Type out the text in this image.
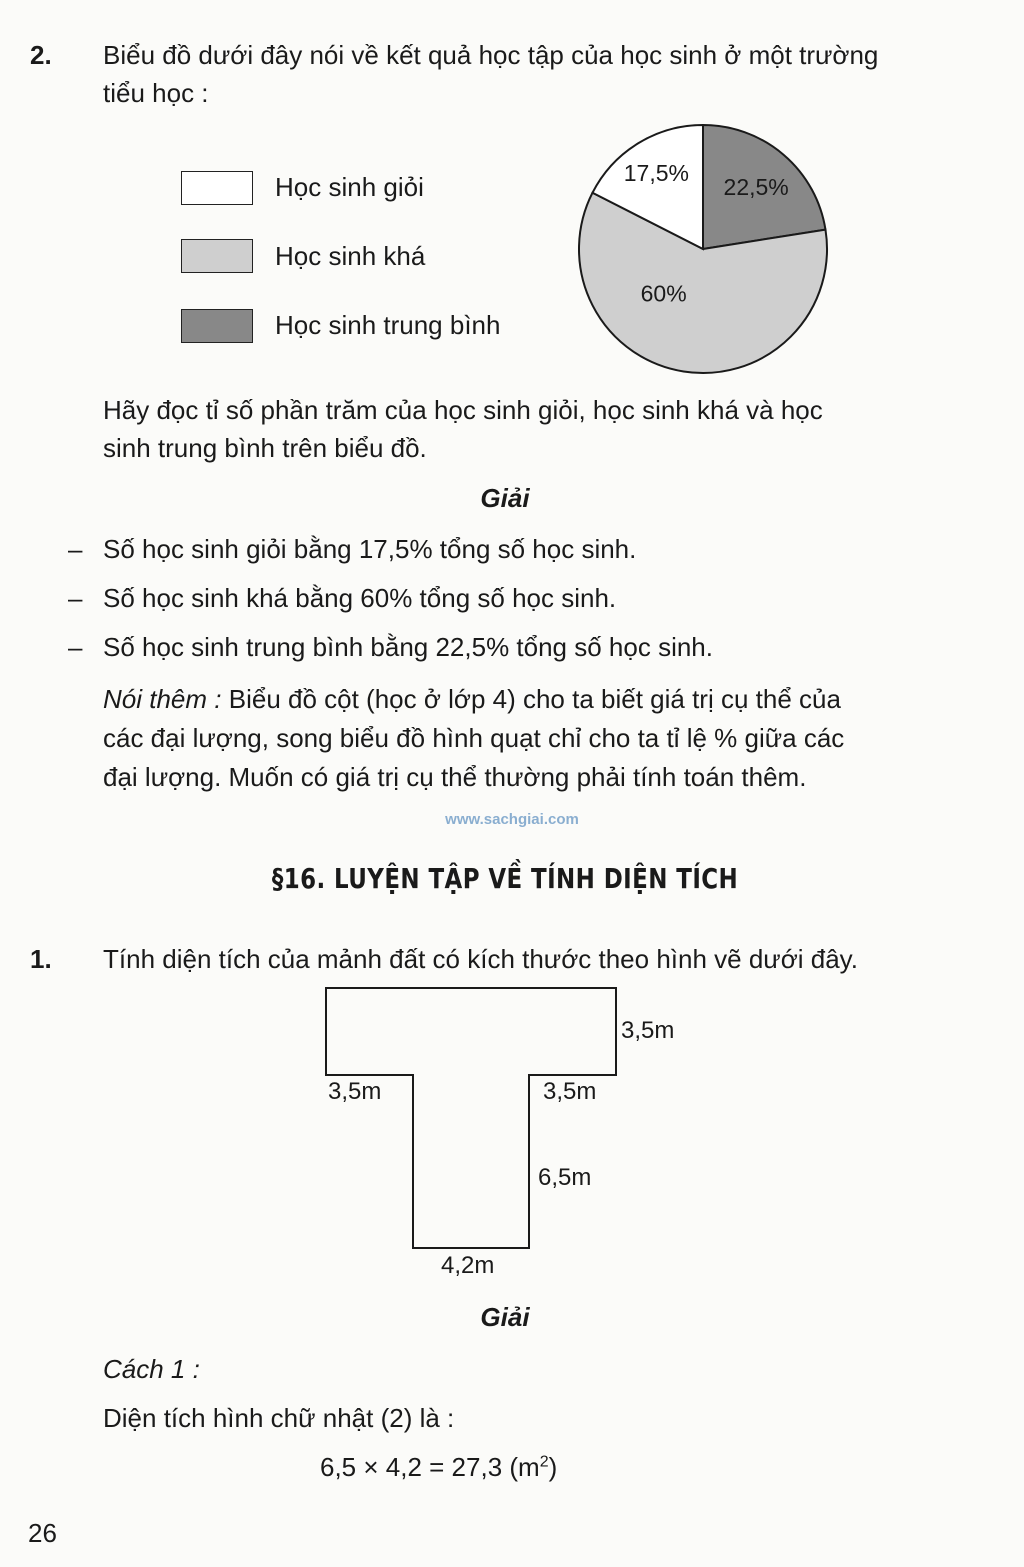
2. Biểu đồ dưới đây nói về kết quả học tập của học sinh ở một trường
tiểu học :
Học sinh giỏi
Học sinh khá
Học sinh trung bình
22,5%
60%
17,5%
Hãy đọc tỉ số phần trăm của học sinh giỏi, học sinh khá và học
sinh trung bình trên biểu đồ.
Giải
– Số học sinh giỏi bằng 17,5% tổng số học sinh.
– Số học sinh khá bằng 60% tổng số học sinh.
– Số học sinh trung bình bằng 22,5% tổng số học sinh.
Nói thêm : Biểu đồ cột (học ở lớp 4) cho ta biết giá trị cụ thể của
các đại lượng, song biểu đồ hình quạt chỉ cho ta tỉ lệ % giữa các
đại lượng. Muốn có giá trị cụ thể thường phải tính toán thêm.
www.sachgiai.com
§16. LUYỆN TẬP VỀ TÍNH DIỆN TÍCH
1. Tính diện tích của mảnh đất có kích thước theo hình vẽ dưới đây.
3,5m
3,5m	3,5m
6,5m
4,2m
Giải
Cách 1 :
Diện tích hình chữ nhật (2) là :
6,5 × 4,2 = 27,3 $(m^2)$
26
